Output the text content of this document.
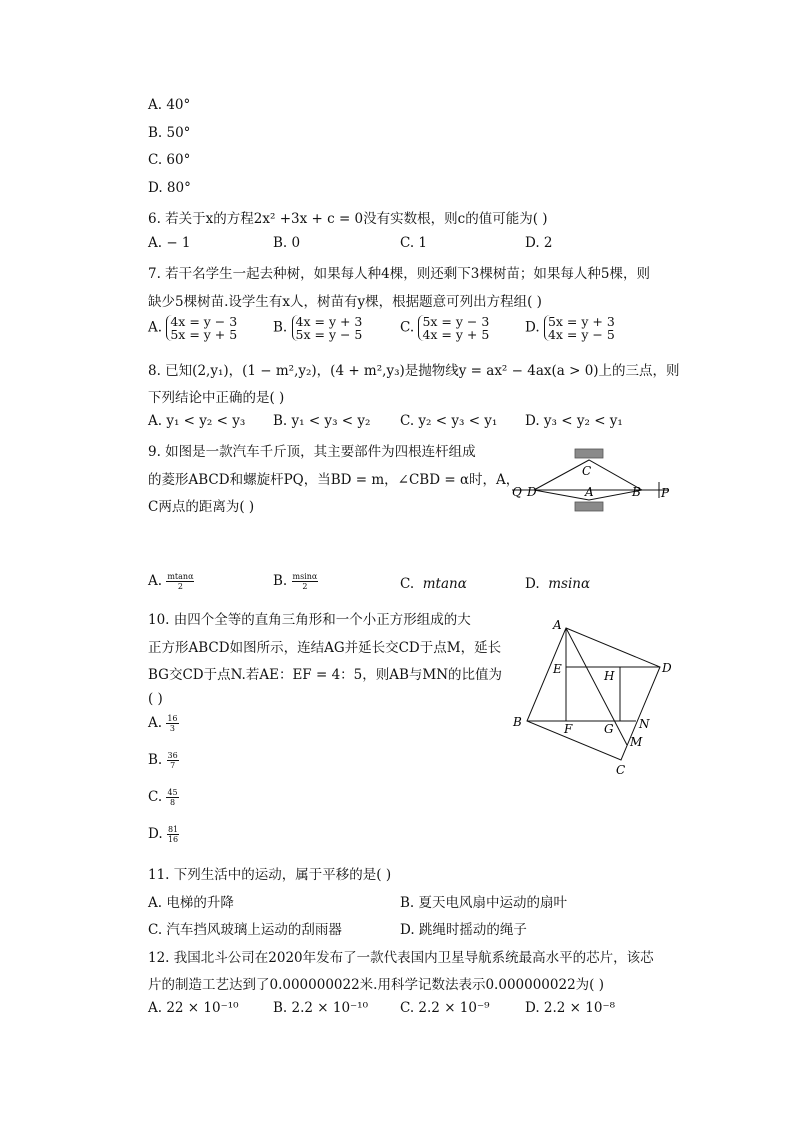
A. 40°
B. 50°
C. 60°
D. 80°
6. 若关于x的方程2x² +3x + c = 0没有实数根，则c的值可能为( )
A. − 1	B. 0	C. 1	D. 2
7. 若干名学生一起去种树，如果每人种4棵，则还剩下3棵树苗；如果每人种5棵，则
缺少5棵树苗.设学生有x人，树苗有y棵，根据题意可列出方程组( )
A. 4x = y − 3
5x = y + 5	B. 4x = y + 3
5x = y − 5	C. 5x = y − 3
4x = y + 5	D. 5x = y + 3
4x = y − 5
8. 已知(2,y₁)，(1 − m²,y₂)，(4 + m²,y₃)是抛物线y = ax² − 4ax(a > 0)上的三点，则
下列结论中正确的是( )
A. y₁ < y₂ < y₃ B. y₁ < y₃ < y₂ C. y₂ < y₃ < y₁ D. y₃ < y₂ < y₁
9. 如图是一款汽车千斤顶，其主要部件为四根连杆组成
的菱形ABCD和螺旋杆PQ，当BD = m，∠CBD = α时，A，
C两点的距离为( )
C
Q D	A	B P
A. $\frac{mtan\alpha}{2}$	B. $\frac{msin\alpha}{2}$	C. mtanα	D. msinα
10. 由四个全等的直角三角形和一个小正方形组成的大
正方形ABCD如图所示，连结AG并延长交CD于点M，延长
BG交CD于点N.若AE：EF = 4：5，则AB与MN的比值为
( )
A
E	H
D
B	F	G N
M
C
A. $\frac{16}{3}$
B. $\frac{36}{7}$
C. $\frac{45}{8}$
D. $\frac{81}{16}$
11. 下列生活中的运动，属于平移的是( )
A. 电梯的升降	B. 夏天电风扇中运动的扇叶
C. 汽车挡风玻璃上运动的刮雨器	D. 跳绳时摇动的绳子
12. 我国北斗公司在2020年发布了一款代表国内卫星导航系统最高水平的芯片，该芯
片的制造工艺达到了0.000000022米.用科学记数法表示0.000000022为( )
A. 22 × 10⁻¹⁰	B. 2.2 × 10⁻¹⁰ C. 2.2 × 10⁻⁹	D. 2.2 × 10⁻⁸
